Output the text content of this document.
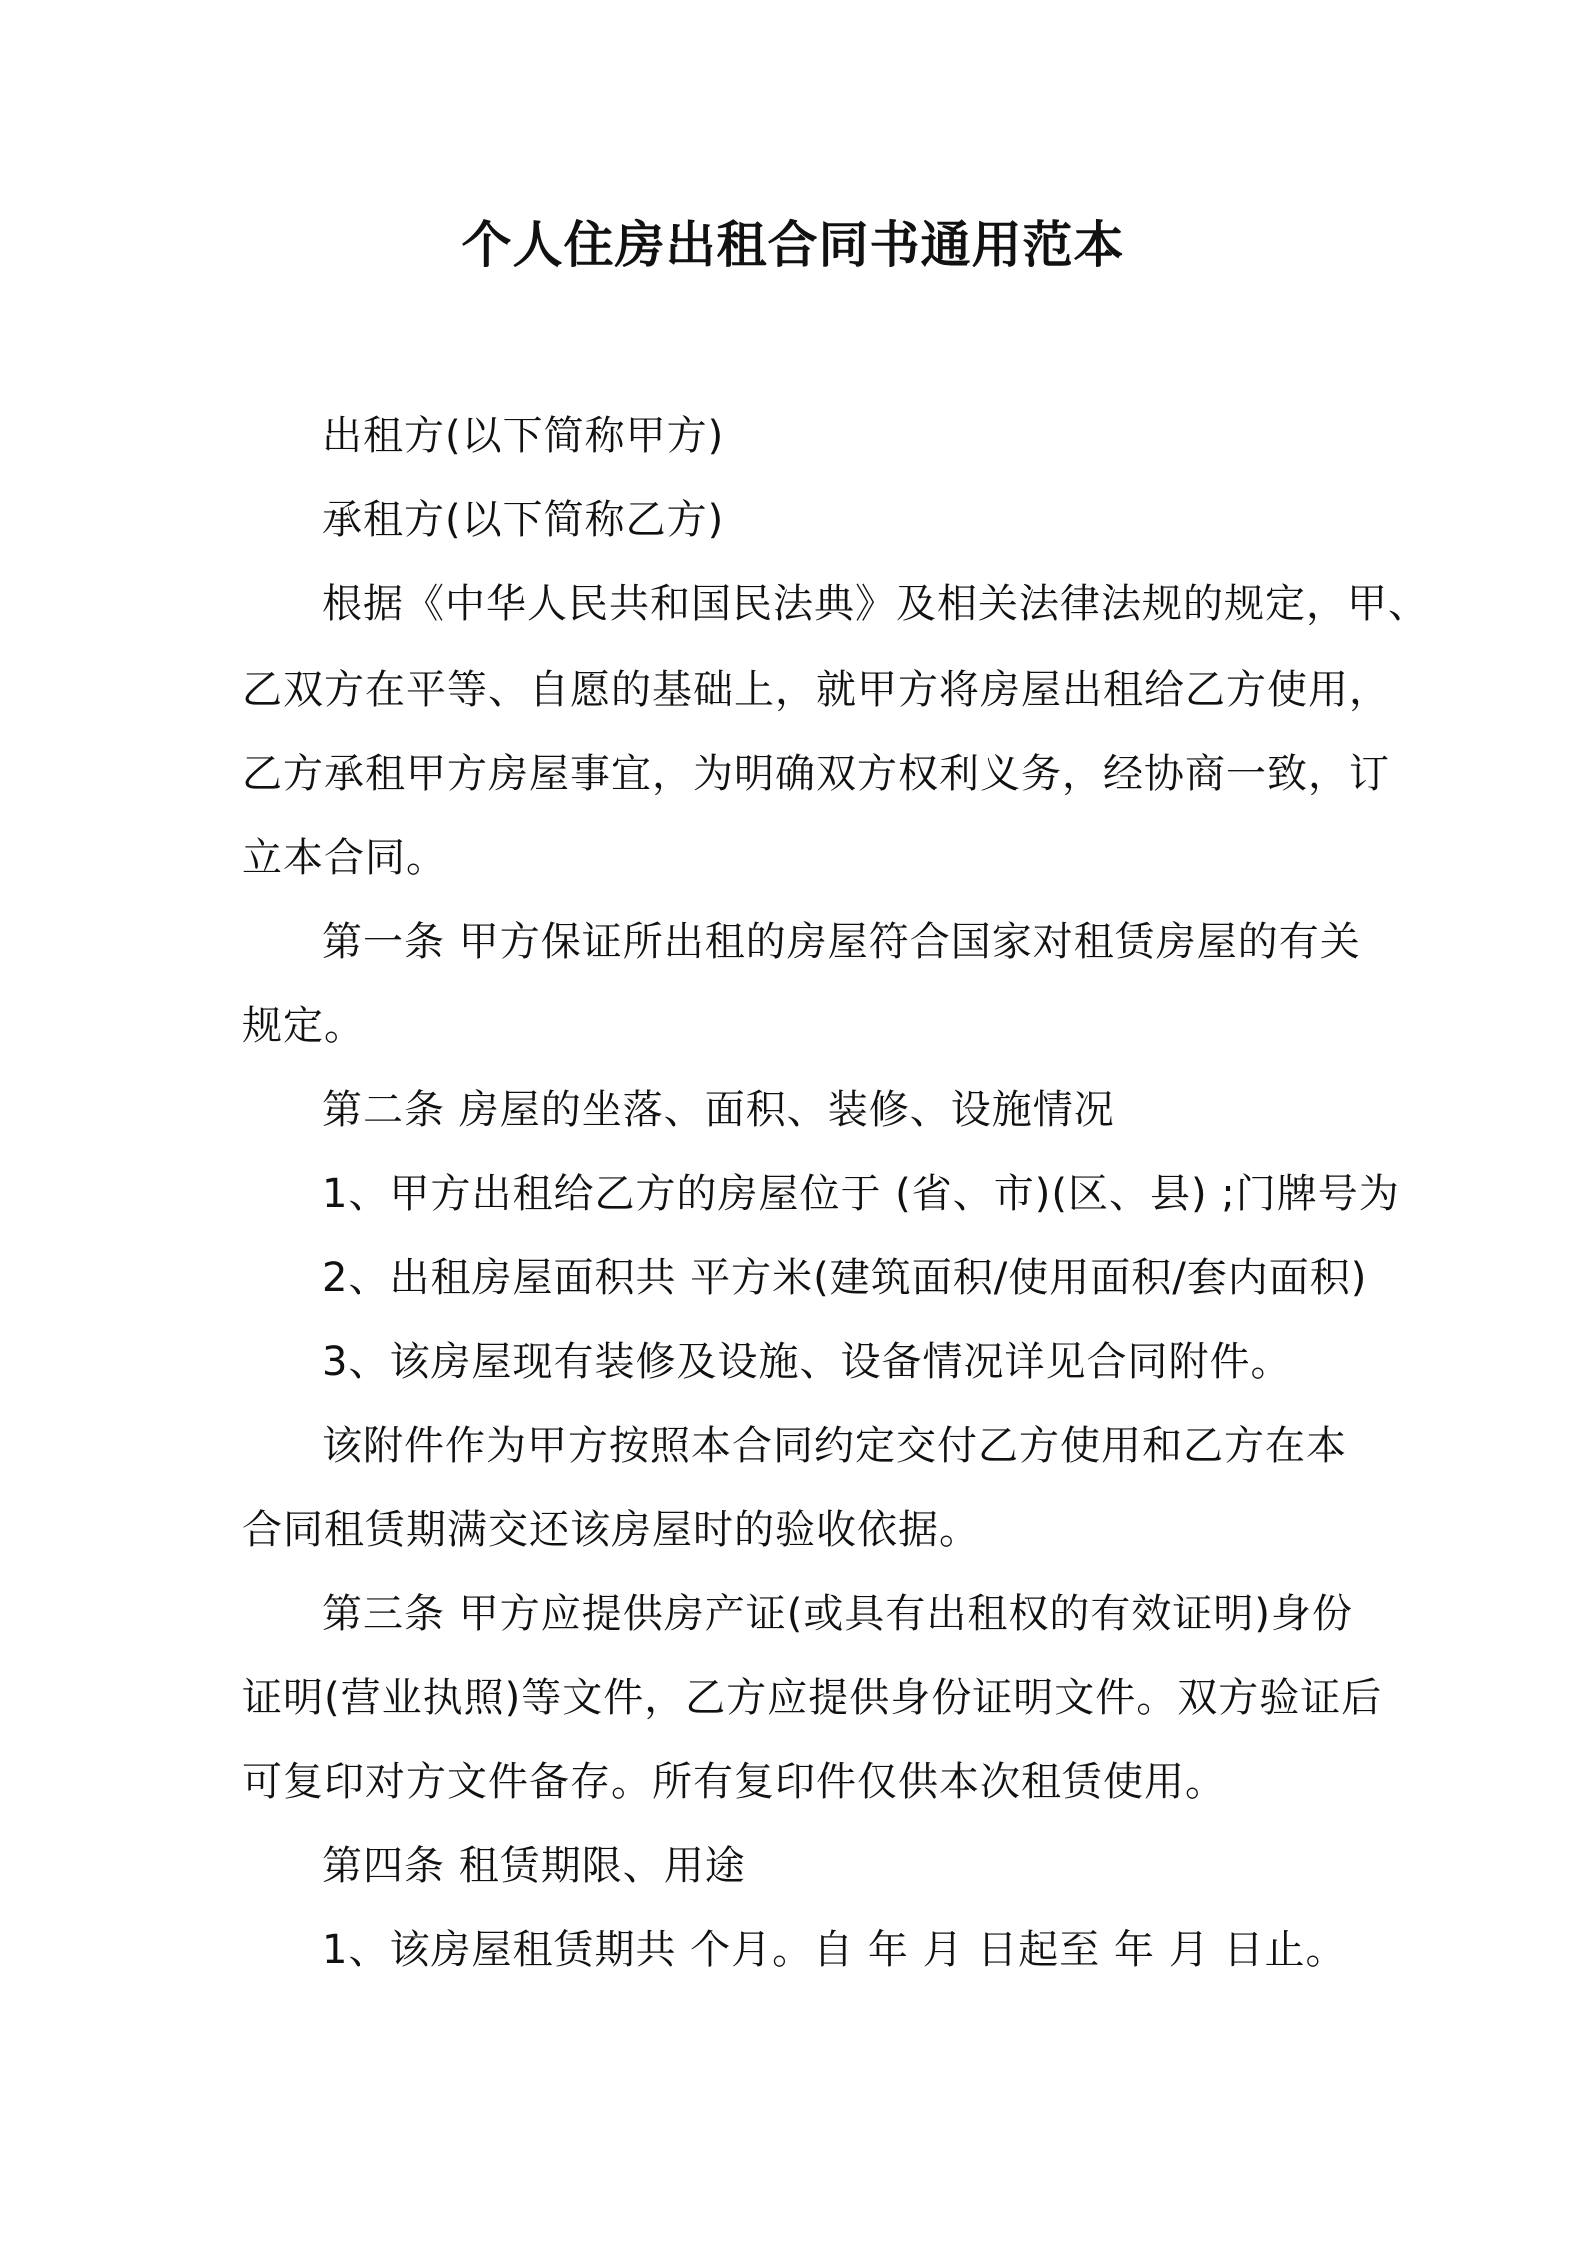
个人住房出租合同书通用范本
出租方(以下简称甲方)
承租方(以下简称乙方)
根据《中华人民共和国民法典》及相关法律法规的规定，甲、
乙双方在平等、自愿的基础上，就甲方将房屋出租给乙方使用，
乙方承租甲方房屋事宜，为明确双方权利义务，经协商一致，订
立本合同。
第一条 甲方保证所出租的房屋符合国家对租赁房屋的有关
规定。
第二条 房屋的坐落、面积、装修、设施情况
1、甲方出租给乙方的房屋位于 (省、市)(区、县) ;门牌号为
2、出租房屋面积共 平方米(建筑面积/使用面积/套内面积)
3、该房屋现有装修及设施、设备情况详见合同附件。
该附件作为甲方按照本合同约定交付乙方使用和乙方在本
合同租赁期满交还该房屋时的验收依据。
第三条 甲方应提供房产证(或具有出租权的有效证明)身份
证明(营业执照)等文件，乙方应提供身份证明文件。双方验证后
可复印对方文件备存。所有复印件仅供本次租赁使用。
第四条 租赁期限、用途
1、该房屋租赁期共 个月。自 年 月 日起至 年 月 日止。
